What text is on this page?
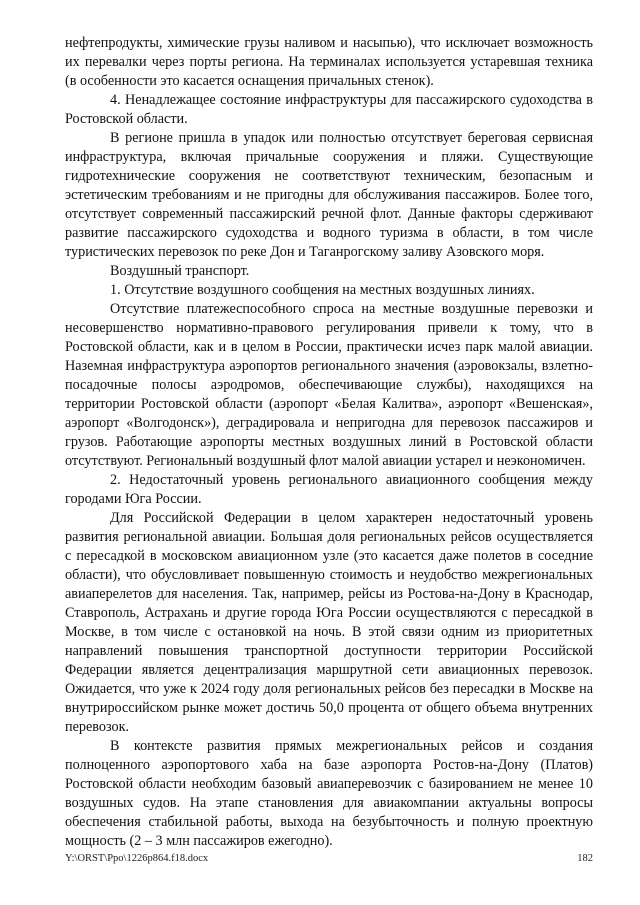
нефтепродукты, химические грузы наливом и насыпью), что исключает возможность их перевалки через порты региона. На терминалах используется устаревшая техника (в особенности это касается оснащения причальных стенок).

4. Ненадлежащее состояние инфраструктуры для пассажирского судоходства в Ростовской области.

В регионе пришла в упадок или полностью отсутствует береговая сервисная инфраструктура, включая причальные сооружения и пляжи. Существующие гидротехнические сооружения не соответствуют техническим, безопасным и эстетическим требованиям и не пригодны для обслуживания пассажиров. Более того, отсутствует современный пассажирский речной флот. Данные факторы сдерживают развитие пассажирского судоходства и водного туризма в области, в том числе туристических перевозок по реке Дон и Таганрогскому заливу Азовского моря.

Воздушный транспорт.

1. Отсутствие воздушного сообщения на местных воздушных линиях.

Отсутствие платежеспособного спроса на местные воздушные перевозки и несовершенство нормативно-правового регулирования привели к тому, что в Ростовской области, как и в целом в России, практически исчез парк малой авиации. Наземная инфраструктура аэропортов регионального значения (аэровокзалы, взлетно-посадочные полосы аэродромов, обеспечивающие службы), находящихся на территории Ростовской области (аэропорт «Белая Калитва», аэропорт «Вешенская», аэропорт «Волгодонск»), деградировала и непригодна для перевозок пассажиров и грузов. Работающие аэропорты местных воздушных линий в Ростовской области отсутствуют. Региональный воздушный флот малой авиации устарел и неэкономичен.

2. Недостаточный уровень регионального авиационного сообщения между городами Юга России.

Для Российской Федерации в целом характерен недостаточный уровень развития региональной авиации. Большая доля региональных рейсов осуществляется с пересадкой в московском авиационном узле (это касается даже полетов в соседние области), что обусловливает повышенную стоимость и неудобство межрегиональных авиаперелетов для населения. Так, например, рейсы из Ростова-на-Дону в Краснодар, Ставрополь, Астрахань и другие города Юга России осуществляются с пересадкой в Москве, в том числе с остановкой на ночь. В этой связи одним из приоритетных направлений повышения транспортной доступности территории Российской Федерации является децентрализация маршрутной сети авиационных перевозок. Ожидается, что уже к 2024 году доля региональных рейсов без пересадки в Москве на внутрироссийском рынке может достичь 50,0 процента от общего объема внутренних перевозок.

В контексте развития прямых межрегиональных рейсов и создания полноценного аэропортового хаба на базе аэропорта Ростов-на-Дону (Платов) Ростовской области необходим базовый авиаперевозчик с базированием не менее 10 воздушных судов. На этапе становления для авиакомпании актуальны вопросы обеспечения стабильной работы, выхода на безубыточность и полную проектную мощность (2 – 3 млн пассажиров ежегодно).

Y:\ORST\Ppo\1226p864.f18.docx	182
